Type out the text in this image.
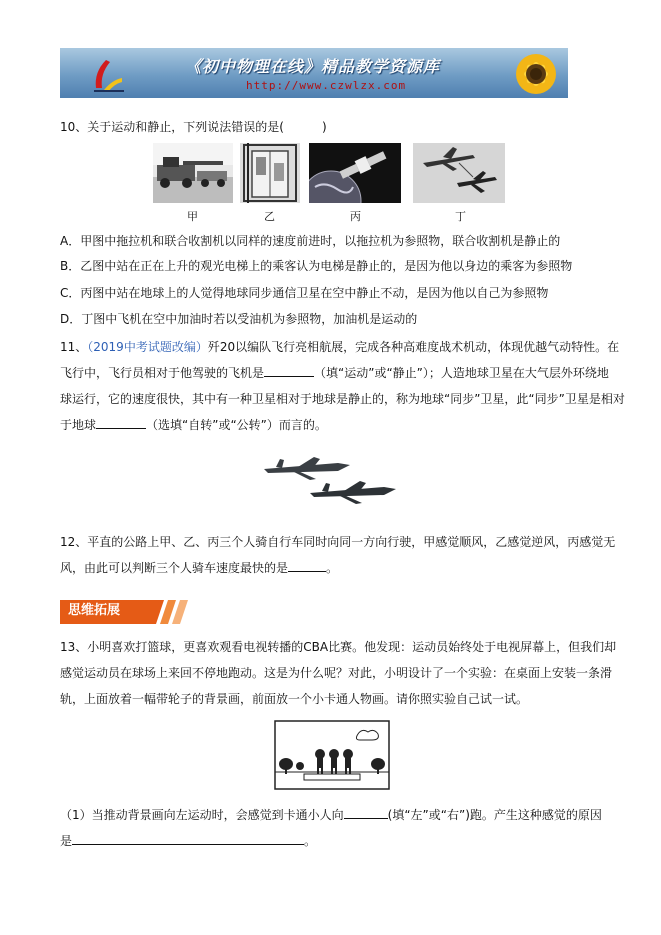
《初中物理在线》精品教学资源库
http://www.czwlzx.com
10、关于运动和静止，下列说法错误的是(	)
甲	乙	丙	丁
A．甲图中拖拉机和联合收割机以同样的速度前进时，以拖拉机为参照物，联合收割机是静止的
B．乙图中站在正在上升的观光电梯上的乘客认为电梯是静止的，是因为他以身边的乘客为参照物
C．丙图中站在地球上的人觉得地球同步通信卫星在空中静止不动，是因为他以自己为参照物
D．丁图中飞机在空中加油时若以受油机为参照物，加油机是运动的
11、（2019中考试题改编）歼20以编队飞行亮相航展，完成各种高难度战术机动，体现优越气动特性。在
飞行中，飞行员相对于他驾驶的飞机是	（填“运动”或“静止”）；人造地球卫星在大气层外环绕地
球运行，它的速度很快，其中有一种卫星相对于地球是静止的，称为地球“同步”卫星，此“同步”卫星是相对
于地球	（选填“自转”或“公转”）而言的。
12、平直的公路上甲、乙、丙三个人骑自行车同时向同一方向行驶，甲感觉顺风，乙感觉逆风，丙感觉无
风，由此可以判断三个人骑车速度最快的是	。
思维拓展
13、小明喜欢打篮球，更喜欢观看电视转播的CBA比赛。他发现：运动员始终处于电视屏幕上，但我们却
感觉运动员在球场上来回不停地跑动。这是为什么呢？对此，小明设计了一个实验：在桌面上安装一条滑
轨，上面放着一幅带轮子的背景画，前面放一个小卡通人物画。请你照实验自己试一试。
（1）当推动背景画向左运动时，会感觉到卡通小人向	(填“左”或“右”)跑。产生这种感觉的原因
是	。
